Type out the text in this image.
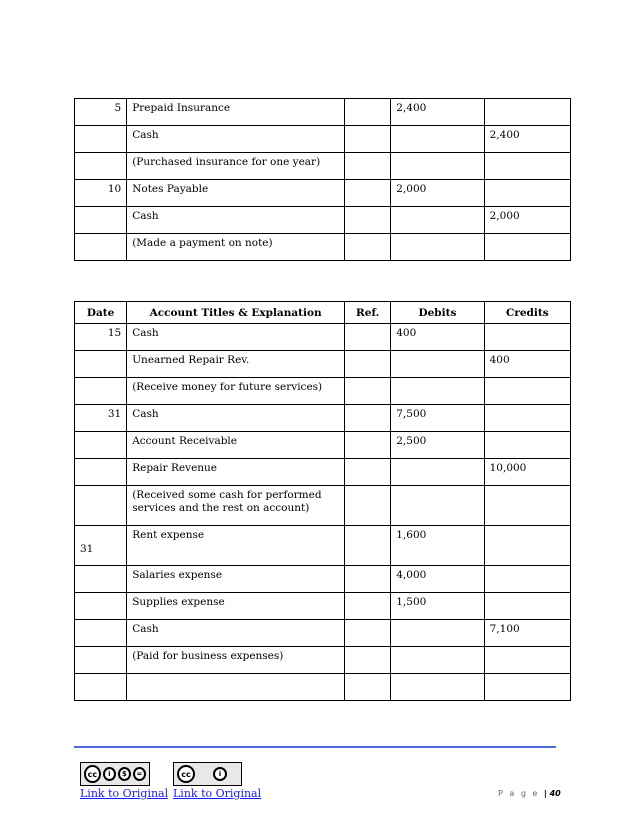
5	Prepaid Insurance		2,400	
	Cash			2,400
	(Purchased insurance for one year)			
10	Notes Payable		2,000	
	Cash			2,000
	(Made a payment on note)			
Date	Account Titles & Explanation	Ref.	Debits	Credits
15	Cash		400	
	Unearned Repair Rev.			400
	(Receive money for future services)			
31	Cash		7,500	
	Account Receivable		2,500	
	Repair Revenue			10,000
	(Received some cash for performed services and the rest on account)			
31	Rent expense		1,600	
	Salaries expense		4,000	
	Supplies expense		1,500	
	Cash			7,100
	(Paid for business expenses)			

cc	i	$	=	cc	i
Link to Original Link to Original	P a g e | 40
